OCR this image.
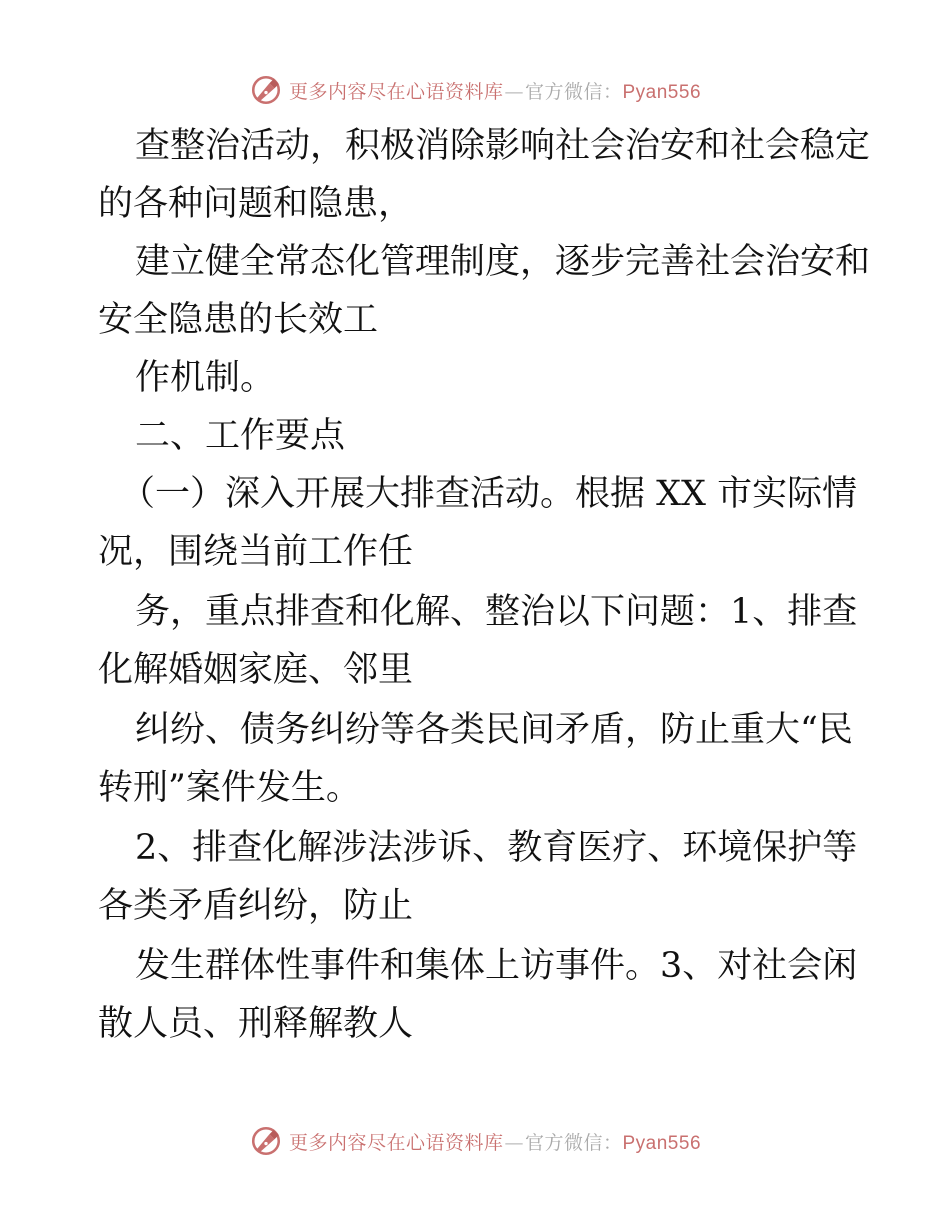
更多内容尽在心语资料库—官方微信：Pyan556
查整治活动，积极消除影响社会治安和社会稳定
的各种问题和隐患，
建立健全常态化管理制度，逐步完善社会治安和
安全隐患的长效工
作机制。
二、工作要点
（一）深入开展大排查活动。根据 XX 市实际情
况，围绕当前工作任
务，重点排查和化解、整治以下问题：1、排查
化解婚姻家庭、邻里
纠纷、债务纠纷等各类民间矛盾，防止重大“民
转刑”案件发生。
2、排查化解涉法涉诉、教育医疗、环境保护等
各类矛盾纠纷，防止
发生群体性事件和集体上访事件。3、对社会闲
散人员、刑释解教人
更多内容尽在心语资料库—官方微信：Pyan556
